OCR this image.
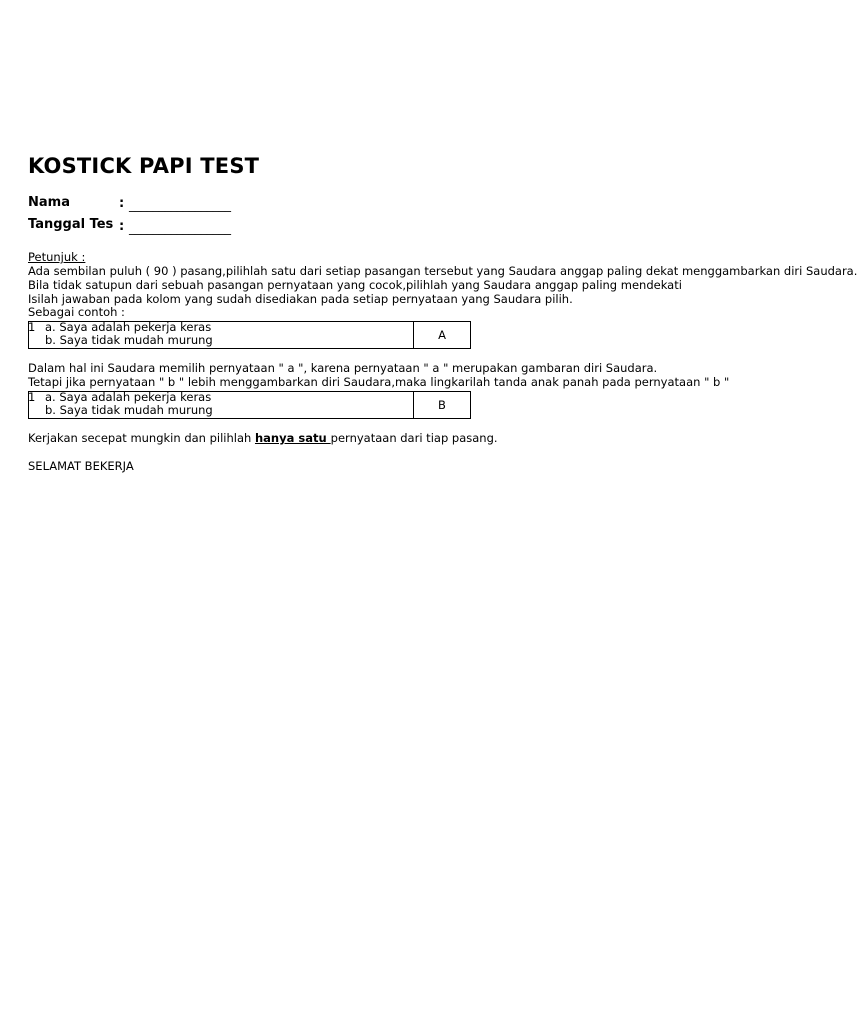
KOSTICK PAPI TEST
Nama	: _________________
Tanggal Tes : _________________
Petunjuk :
Ada sembilan puluh ( 90 ) pasang,pilihlah satu dari setiap pasangan tersebut yang Saudara anggap paling dekat menggambarkan diri Saudara.
Bila tidak satupun dari sebuah pasangan pernyataan yang cocok,pilihlah yang Saudara anggap paling mendekati
Isilah jawaban pada kolom yang sudah disediakan pada setiap pernyataan yang Saudara pilih.
Sebagai contoh :
1 a. Saya adalah pekerja keras
b. Saya tidak mudah murung	A
Dalam hal ini Saudara memilih pernyataan " a ", karena pernyataan " a " merupakan gambaran diri Saudara.
Tetapi jika pernyataan " b " lebih menggambarkan diri Saudara,maka lingkarilah tanda anak panah pada pernyataan " b "
1 a. Saya adalah pekerja keras
b. Saya tidak mudah murung	B
Kerjakan secepat mungkin dan pilihlah hanya satu pernyataan dari tiap pasang.
SELAMAT BEKERJA
